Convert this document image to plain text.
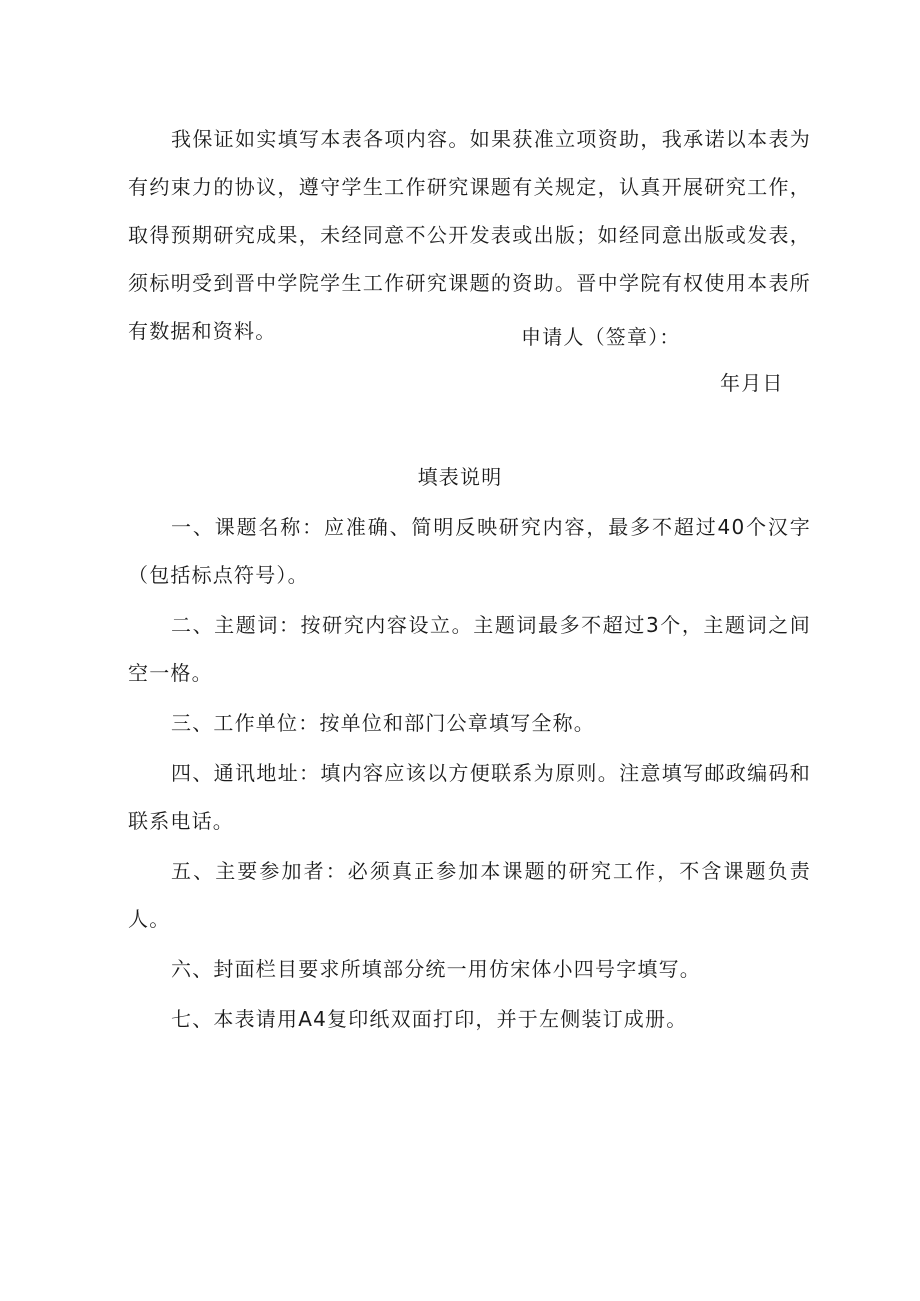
我保证如实填写本表各项内容。如果获准立项资助，我承诺以本表为有约束力的协议，遵守学生工作研究课题有关规定，认真开展研究工作，取得预期研究成果，未经同意不公开发表或出版；如经同意出版或发表，须标明受到晋中学院学生工作研究课题的资助。晋中学院有权使用本表所有数据和资料。	申请人（签章）：
年月日
填表说明

一、课题名称：应准确、简明反映研究内容，最多不超过40个汉字（包括标点符号）。

二、主题词：按研究内容设立。主题词最多不超过3个，主题词之间空一格。

三、工作单位：按单位和部门公章填写全称。

四、通讯地址：填内容应该以方便联系为原则。注意填写邮政编码和联系电话。

五、主要参加者：必须真正参加本课题的研究工作，不含课题负责人。

六、封面栏目要求所填部分统一用仿宋体小四号字填写。

七、本表请用A4复印纸双面打印，并于左侧装订成册。
